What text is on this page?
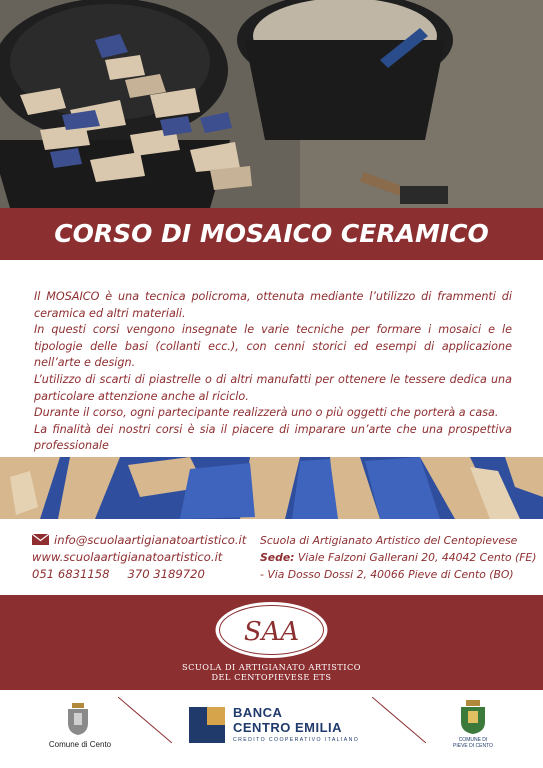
CORSO DI MOSAICO CERAMICO

Il MOSAICO è una tecnica policroma, ottenuta mediante l’utilizzo di frammenti di ceramica ed altri materiali.

In questi corsi vengono insegnate le varie tecniche per formare i mosaici e le tipologie delle basi (collanti ecc.), con cenni storici ed esempi di applicazione nell’arte e design.

L’utilizzo di scarti di piastrelle o di altri manufatti per ottenere le tessere dedica una particolare attenzione anche al riciclo.

Durante il corso, ogni partecipante realizzerà uno o più oggetti che porterà a casa.

La finalità dei nostri corsi è sia il piacere di imparare un’arte che una prospettiva professionale

info@scuolaartigianatoartistico.it
www.scuolaartigianatoartistico.it
051 6831158 370 3189720
Scuola di Artigianato Artistico del Centopievese
Sede: Viale Falzoni Gallerani 20, 44042 Cento (FE)
- Via Dosso Dossi 2, 40066 Pieve di Cento (BO)
SAA
SCUOLA DI ARTIGIANATO ARTISTICO
DEL CENTOPIEVESE ETS
Comune di Cento
BANCA
CENTRO EMILIA
CREDITO COOPERATIVO ITALIANO	COMUNE DI
PIEVE DI CENTO
